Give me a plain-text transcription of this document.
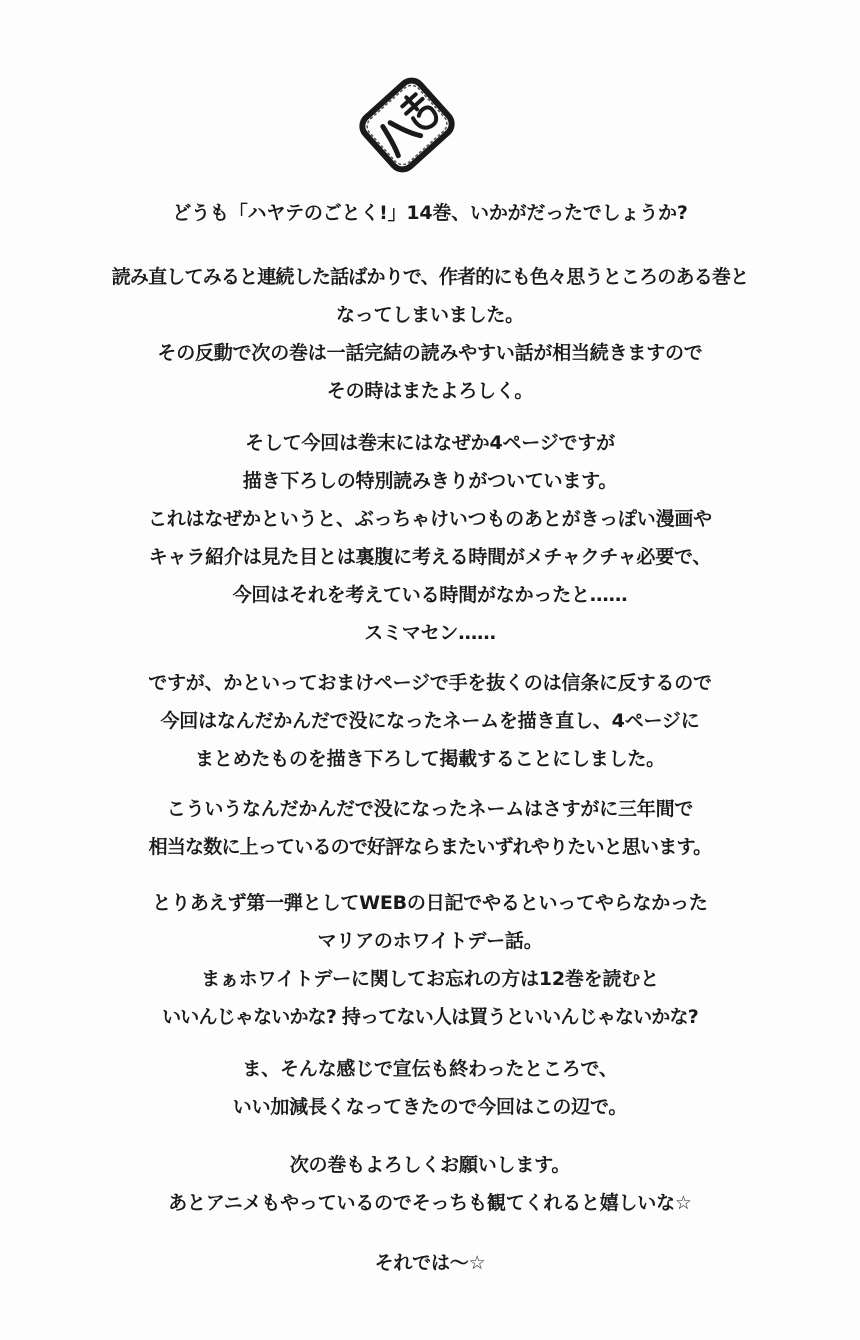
八巻
どうも「ハヤテのごとく!」14巻、いかがだったでしょうか?
読み直してみると連続した話ばかりで、作者的にも色々思うところのある巻と
なってしまいました。
その反動で次の巻は一話完結の読みやすい話が相当続きますので
その時はまたよろしく。
そして今回は巻末にはなぜか4ページですが
描き下ろしの特別読みきりがついています。
これはなぜかというと、ぶっちゃけいつものあとがきっぽい漫画や
キャラ紹介は見た目とは裏腹に考える時間がメチャクチャ必要で、
今回はそれを考えている時間がなかったと……
スミマセン……
ですが、かといっておまけページで手を抜くのは信条に反するので
今回はなんだかんだで没になったネームを描き直し、4ページに
まとめたものを描き下ろして掲載することにしました。
こういうなんだかんだで没になったネームはさすがに三年間で
相当な数に上っているので好評ならまたいずれやりたいと思います。
とりあえず第一弾としてWEBの日記でやるといってやらなかった
マリアのホワイトデー話。
まぁホワイトデーに関してお忘れの方は12巻を読むと
いいんじゃないかな? 持ってない人は買うといいんじゃないかな?
ま、そんな感じで宣伝も終わったところで、
いい加減長くなってきたので今回はこの辺で。
次の巻もよろしくお願いします。
あとアニメもやっているのでそっちも観てくれると嬉しいな☆
それでは〜☆
